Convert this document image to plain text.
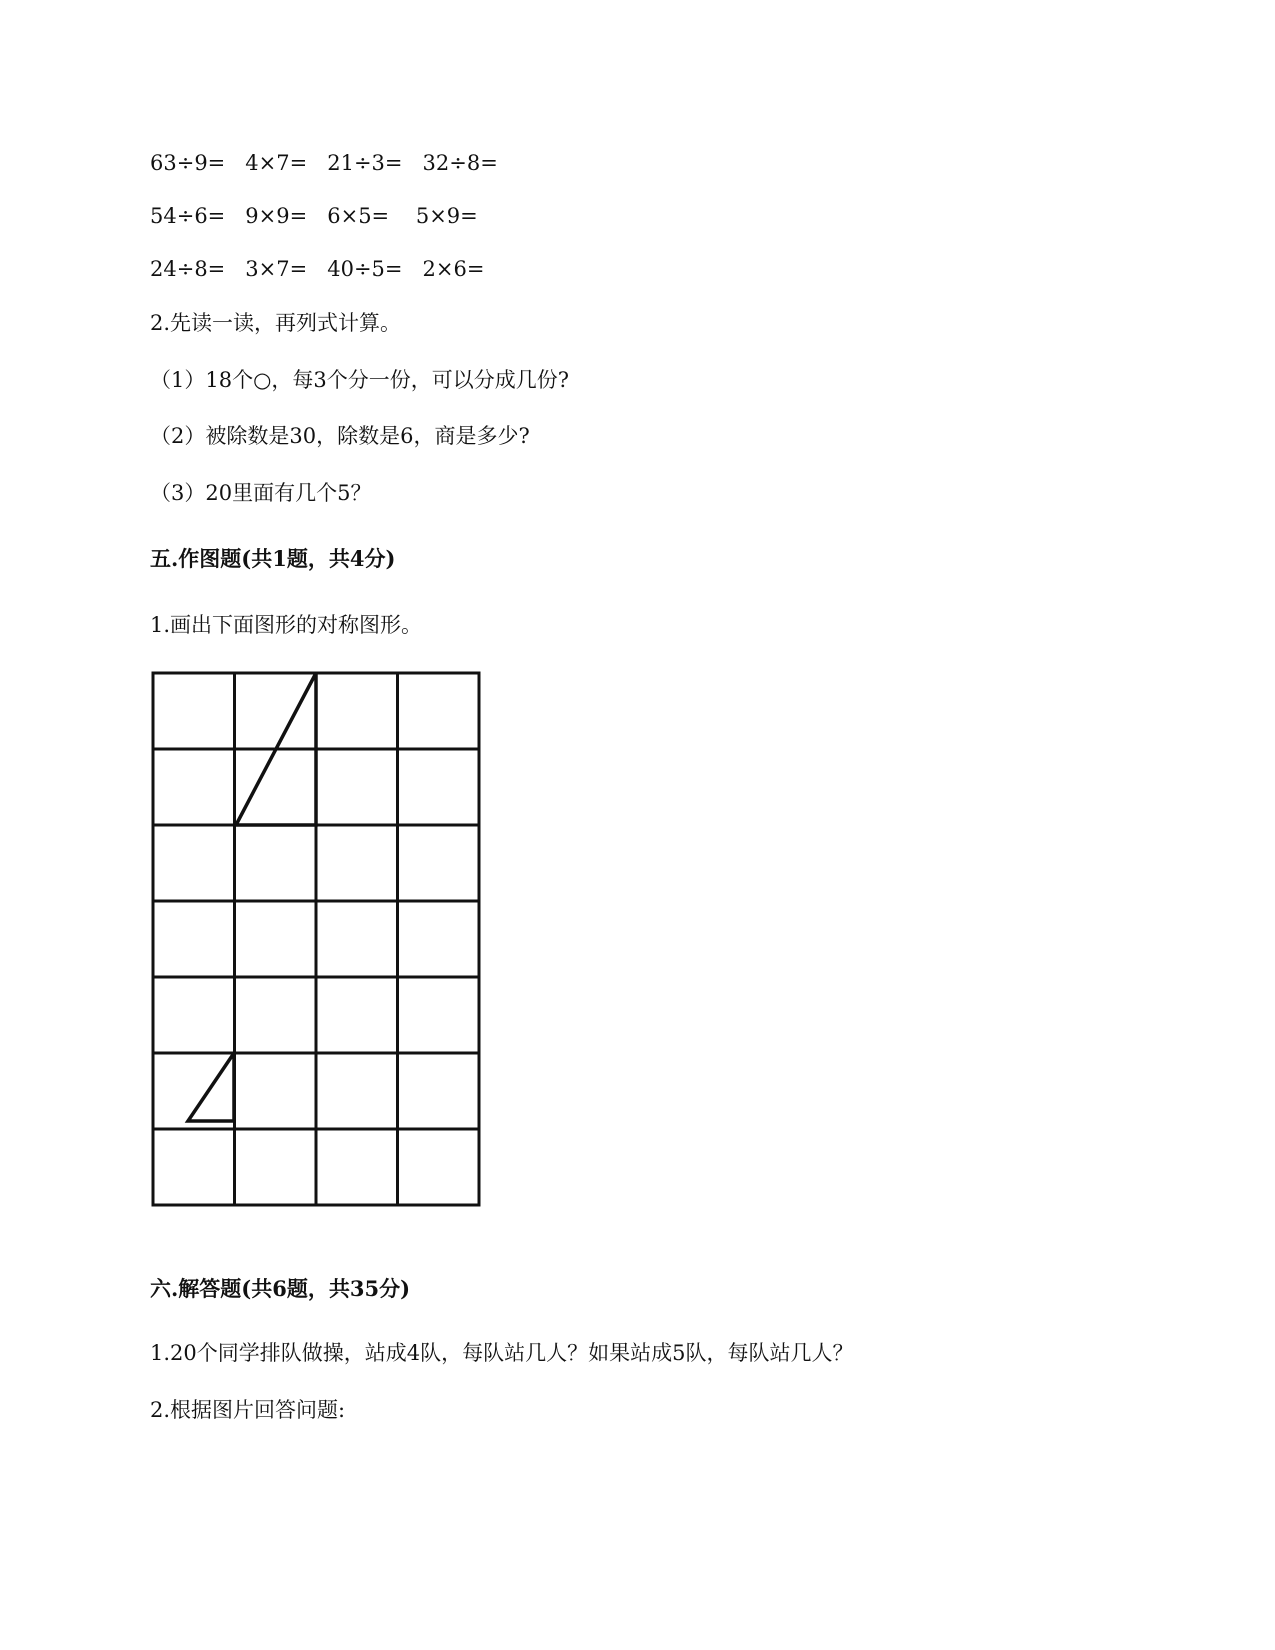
63÷9=   4×7=   21÷3=   32÷8=
54÷6=   9×9=   6×5=    5×9=
24÷8=   3×7=   40÷5=   2×6=
2.先读一读，再列式计算。
（1）18个○，每3个分一份，可以分成几份?
（2）被除数是30，除数是6，商是多少?
（3）20里面有几个5？
五.作图题(共1题，共4分)
1.画出下面图形的对称图形。
六.解答题(共6题，共35分)
1.20个同学排队做操，站成4队，每队站几人？如果站成5队，每队站几人？
2.根据图片回答问题:
